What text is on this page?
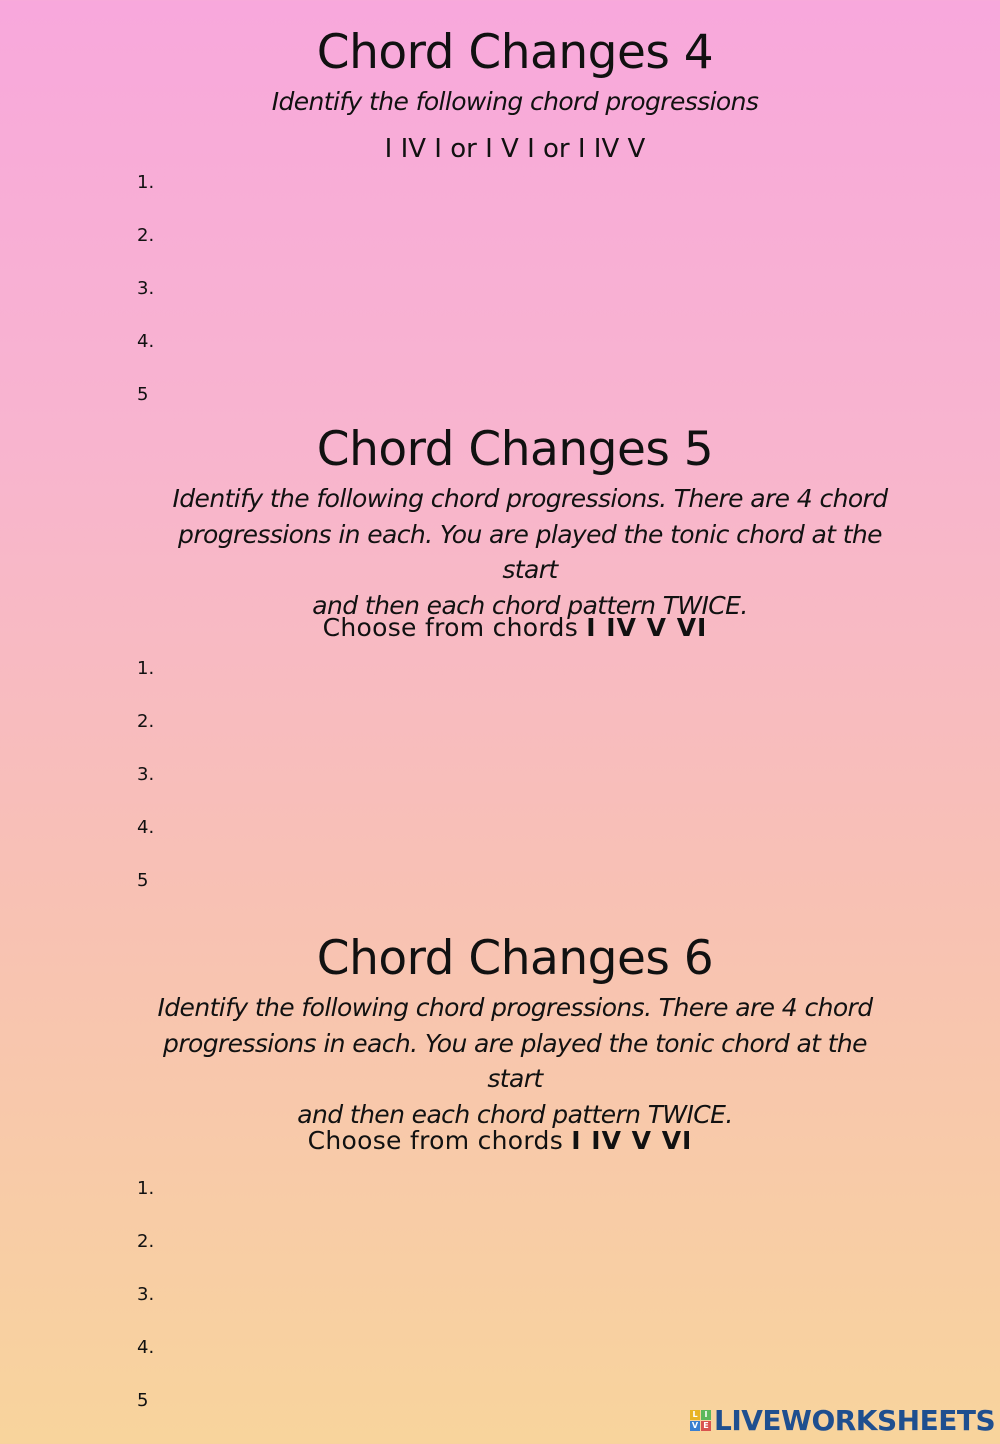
Chord Changes 4
Identify the following chord progressions
I IV I or I V I or I IV V
1.
2.
3.
4.
5
Chord Changes 5
Identify the following chord progressions. There are 4 chord
progressions in each. You are played the tonic chord at the start
and then each chord pattern TWICE.
Choose from chords I IV V VI
1.
2.
3.
4.
5
Chord Changes 6
Identify the following chord progressions. There are 4 chord
progressions in each. You are played the tonic chord at the start
and then each chord pattern TWICE.
Choose from chords I IV V VI
1.
2.
3.
4.
5
L I
V E LIVEWORKSHEETS
